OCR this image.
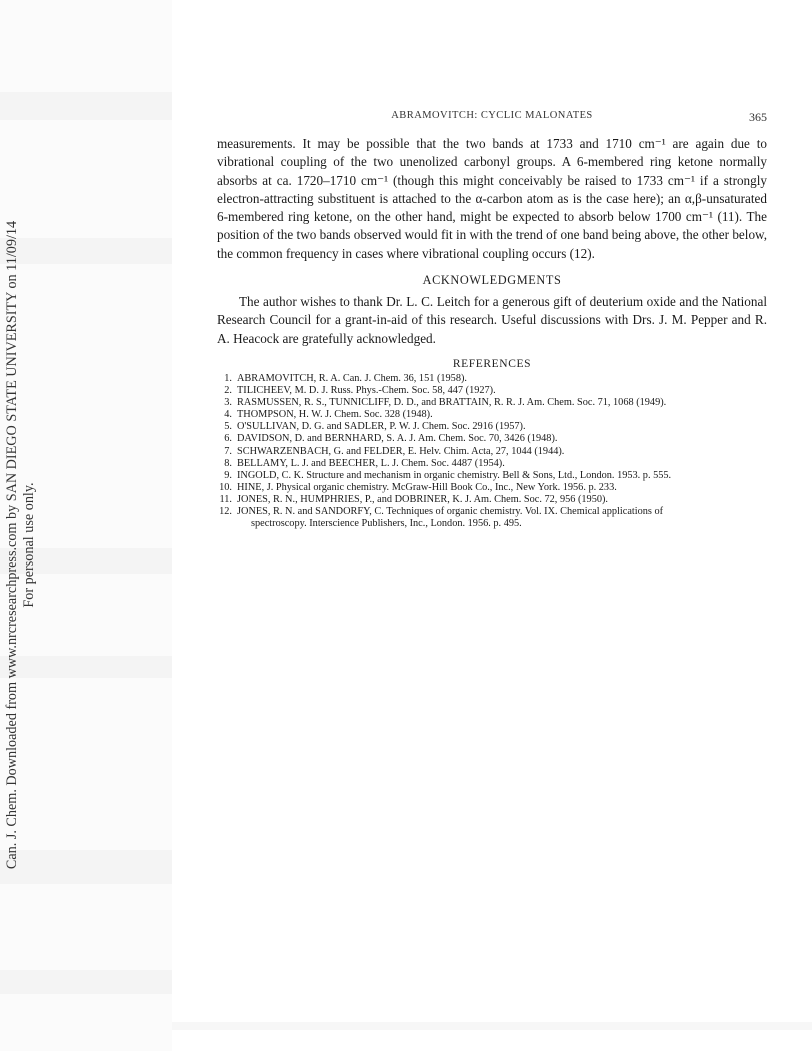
Can. J. Chem. Downloaded from www.nrcresearchpress.com by SAN DIEGO STATE UNIVERSITY on 11/09/14 For personal use only.
ABRAMOVITCH: CYCLIC MALONATES	365

measurements. It may be possible that the two bands at 1733 and 1710 cm⁻¹ are again due to vibrational coupling of the two unenolized carbonyl groups. A 6-membered ring ketone normally absorbs at ca. 1720–1710 cm⁻¹ (though this might conceivably be raised to 1733 cm⁻¹ if a strongly electron-attracting substituent is attached to the α-carbon atom as is the case here); an α,β-unsaturated 6-membered ring ketone, on the other hand, might be expected to absorb below 1700 cm⁻¹ (11). The position of the two bands observed would fit in with the trend of one band being above, the other below, the common frequency in cases where vibrational coupling occurs (12).

ACKNOWLEDGMENTS

The author wishes to thank Dr. L. C. Leitch for a generous gift of deuterium oxide and the National Research Council for a grant-in-aid of this research. Useful discussions with Drs. J. M. Pepper and R. A. Heacock are gratefully acknowledged.

REFERENCES
1. ABRAMOVITCH, R. A. Can. J. Chem. 36, 151 (1958).
2. TILICHEEV, M. D. J. Russ. Phys.-Chem. Soc. 58, 447 (1927).
3. RASMUSSEN, R. S., TUNNICLIFF, D. D., and BRATTAIN, R. R. J. Am. Chem. Soc. 71, 1068 (1949).
4. THOMPSON, H. W. J. Chem. Soc. 328 (1948).
5. O'SULLIVAN, D. G. and SADLER, P. W. J. Chem. Soc. 2916 (1957).
6. DAVIDSON, D. and BERNHARD, S. A. J. Am. Chem. Soc. 70, 3426 (1948).
7. SCHWARZENBACH, G. and FELDER, E. Helv. Chim. Acta, 27, 1044 (1944).
8. BELLAMY, L. J. and BEECHER, L. J. Chem. Soc. 4487 (1954).
9. INGOLD, C. K. Structure and mechanism in organic chemistry. Bell & Sons, Ltd., London. 1953. p. 555.
10. HINE, J. Physical organic chemistry. McGraw-Hill Book Co., Inc., New York. 1956. p. 233.
11. JONES, R. N., HUMPHRIES, P., and DOBRINER, K. J. Am. Chem. Soc. 72, 956 (1950).
12. JONES, R. N. and SANDORFY, C. Techniques of organic chemistry. Vol. IX. Chemical applications of
spectroscopy. Interscience Publishers, Inc., London. 1956. p. 495.
